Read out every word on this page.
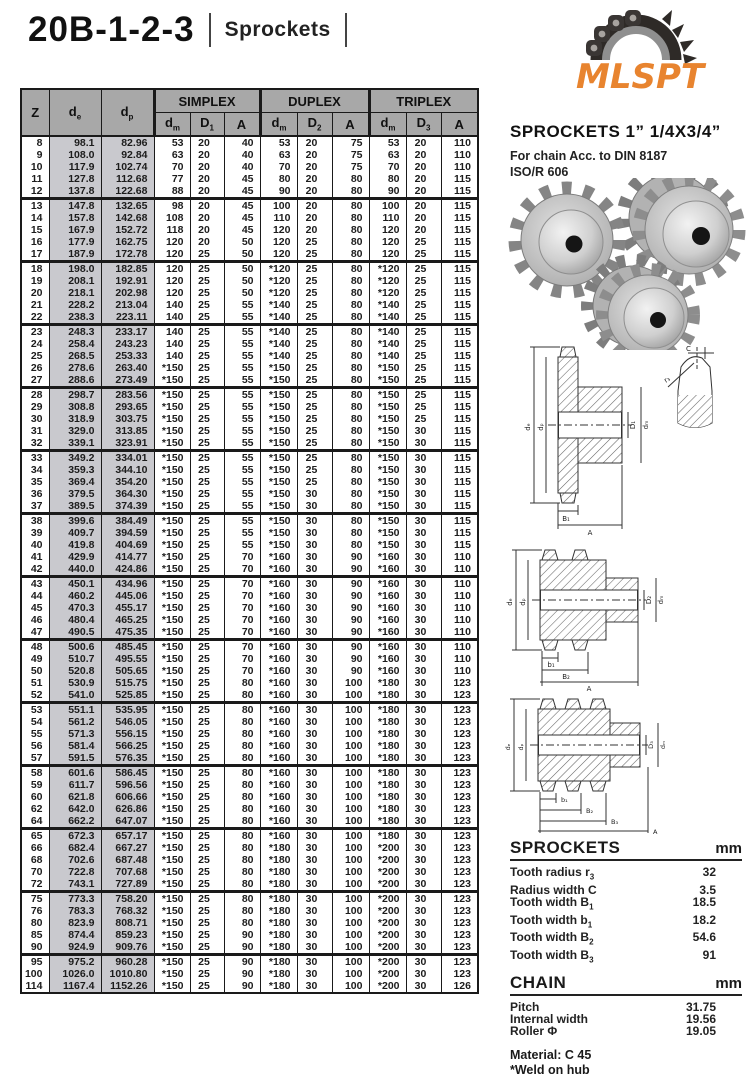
20B-1-2-3 Sprockets
MLSPT
Z	$d_e$	$d_p$	SIMPLEX			DUPLEX			TRIPLEX		
			$d_m$	$D_1$	A	$d_m$	$D_2$	A	$d_m$	$D_3$	A
8	98.1	82.96	53	20	40	53	20	75	53	20	110
9	108.0	92.84	63	20	40	63	20	75	63	20	110
10	117.9	102.74	70	20	40	70	20	75	70	20	110
11	127.8	112.68	77	20	45	80	20	80	80	20	115
12	137.8	122.68	88	20	45	90	20	80	90	20	115
13	147.8	132.65	98	20	45	100	20	80	100	20	115
14	157.8	142.68	108	20	45	110	20	80	110	20	115
15	167.9	152.72	118	20	45	120	20	80	120	20	115
16	177.9	162.75	120	20	50	120	25	80	120	25	115
17	187.9	172.78	120	25	50	120	25	80	120	25	115
18	198.0	182.85	120	25	50	*120	25	80	*120	25	115
19	208.1	192.91	120	25	50	*120	25	80	*120	25	115
20	218.1	202.98	120	25	50	*120	25	80	*120	25	115
21	228.2	213.04	140	25	55	*140	25	80	*140	25	115
22	238.3	223.11	140	25	55	*140	25	80	*140	25	115
23	248.3	233.17	140	25	55	*140	25	80	*140	25	115
24	258.4	243.23	140	25	55	*140	25	80	*140	25	115
25	268.5	253.33	140	25	55	*140	25	80	*140	25	115
26	278.6	263.40	*150	25	55	*150	25	80	*150	25	115
27	288.6	273.49	*150	25	55	*150	25	80	*150	25	115
28	298.7	283.56	*150	25	55	*150	25	80	*150	25	115
29	308.8	293.65	*150	25	55	*150	25	80	*150	25	115
30	318.9	303.75	*150	25	55	*150	25	80	*150	25	115
31	329.0	313.85	*150	25	55	*150	25	80	*150	30	115
32	339.1	323.91	*150	25	55	*150	25	80	*150	30	115
33	349.2	334.01	*150	25	55	*150	25	80	*150	30	115
34	359.3	344.10	*150	25	55	*150	25	80	*150	30	115
35	369.4	354.20	*150	25	55	*150	25	80	*150	30	115
36	379.5	364.30	*150	25	55	*150	30	80	*150	30	115
37	389.5	374.39	*150	25	55	*150	30	80	*150	30	115
38	399.6	384.49	*150	25	55	*150	30	80	*150	30	115
39	409.7	394.59	*150	25	55	*150	30	80	*150	30	115
40	419.8	404.69	*150	25	55	*150	30	80	*150	30	115
41	429.9	414.77	*150	25	70	*160	30	90	*160	30	110
42	440.0	424.86	*150	25	70	*160	30	90	*160	30	110
43	450.1	434.96	*150	25	70	*160	30	90	*160	30	110
44	460.2	445.06	*150	25	70	*160	30	90	*160	30	110
45	470.3	455.17	*150	25	70	*160	30	90	*160	30	110
46	480.4	465.25	*150	25	70	*160	30	90	*160	30	110
47	490.5	475.35	*150	25	70	*160	30	90	*160	30	110
48	500.6	485.45	*150	25	70	*160	30	90	*160	30	110
49	510.7	495.55	*150	25	70	*160	30	90	*160	30	110
50	520.8	505.65	*150	25	70	*160	30	90	*160	30	110
51	530.9	515.75	*150	25	80	*160	30	100	*180	30	123
52	541.0	525.85	*150	25	80	*160	30	100	*180	30	123
53	551.1	535.95	*150	25	80	*160	30	100	*180	30	123
54	561.2	546.05	*150	25	80	*160	30	100	*180	30	123
55	571.3	556.15	*150	25	80	*160	30	100	*180	30	123
56	581.4	566.25	*150	25	80	*160	30	100	*180	30	123
57	591.5	576.35	*150	25	80	*160	30	100	*180	30	123
58	601.6	586.45	*150	25	80	*160	30	100	*180	30	123
59	611.7	596.56	*150	25	80	*160	30	100	*180	30	123
60	621.8	606.66	*150	25	80	*160	30	100	*180	30	123
62	642.0	626.86	*150	25	80	*160	30	100	*180	30	123
64	662.2	647.07	*150	25	80	*160	30	100	*180	30	123
65	672.3	657.17	*150	25	80	*160	30	100	*180	30	123
66	682.4	667.27	*150	25	80	*180	30	100	*200	30	123
68	702.6	687.48	*150	25	80	*180	30	100	*200	30	123
70	722.8	707.68	*150	25	80	*180	30	100	*200	30	123
72	743.1	727.89	*150	25	80	*180	30	100	*200	30	123
75	773.3	758.20	*150	25	80	*180	30	100	*200	30	123
76	783.3	768.32	*150	25	80	*180	30	100	*200	30	123
80	823.9	808.71	*150	25	80	*180	30	100	*200	30	123
85	874.4	859.23	*150	25	90	*180	30	100	*200	30	123
90	924.9	909.76	*150	25	90	*180	30	100	*200	30	123
95	975.2	960.28	*150	25	90	*180	30	100	*200	30	123
100	1026.0	1010.80	*150	25	90	*180	30	100	*200	30	123
114	1167.4	1152.26	*150	25	90	*180	30	100	*200	30	126
SPROCKETS 1” 1/4X3/4”
For chain Acc. to DIN 8187
ISO/R 606
dₑ dₚ	D₁ dₘ
B₁
A
C
r₃
dₑ dₚ	D₂ dₘ
b₁
B₂
A
dₑ dₚ	D₃ dₘ
b₁
B₂
B₃
A
SPROCKETS	mm
Tooth radius $r_3$	32
Radius width C	3.5
Tooth width $B_1$	18.5
Tooth width $b_1$	18.2
Tooth width $B_2$	54.6
Tooth width $B_3$	91
CHAIN	mm
Pitch	31.75
Internal width	19.56
Roller Φ	19.05
Material: C 45
*Weld on hub
